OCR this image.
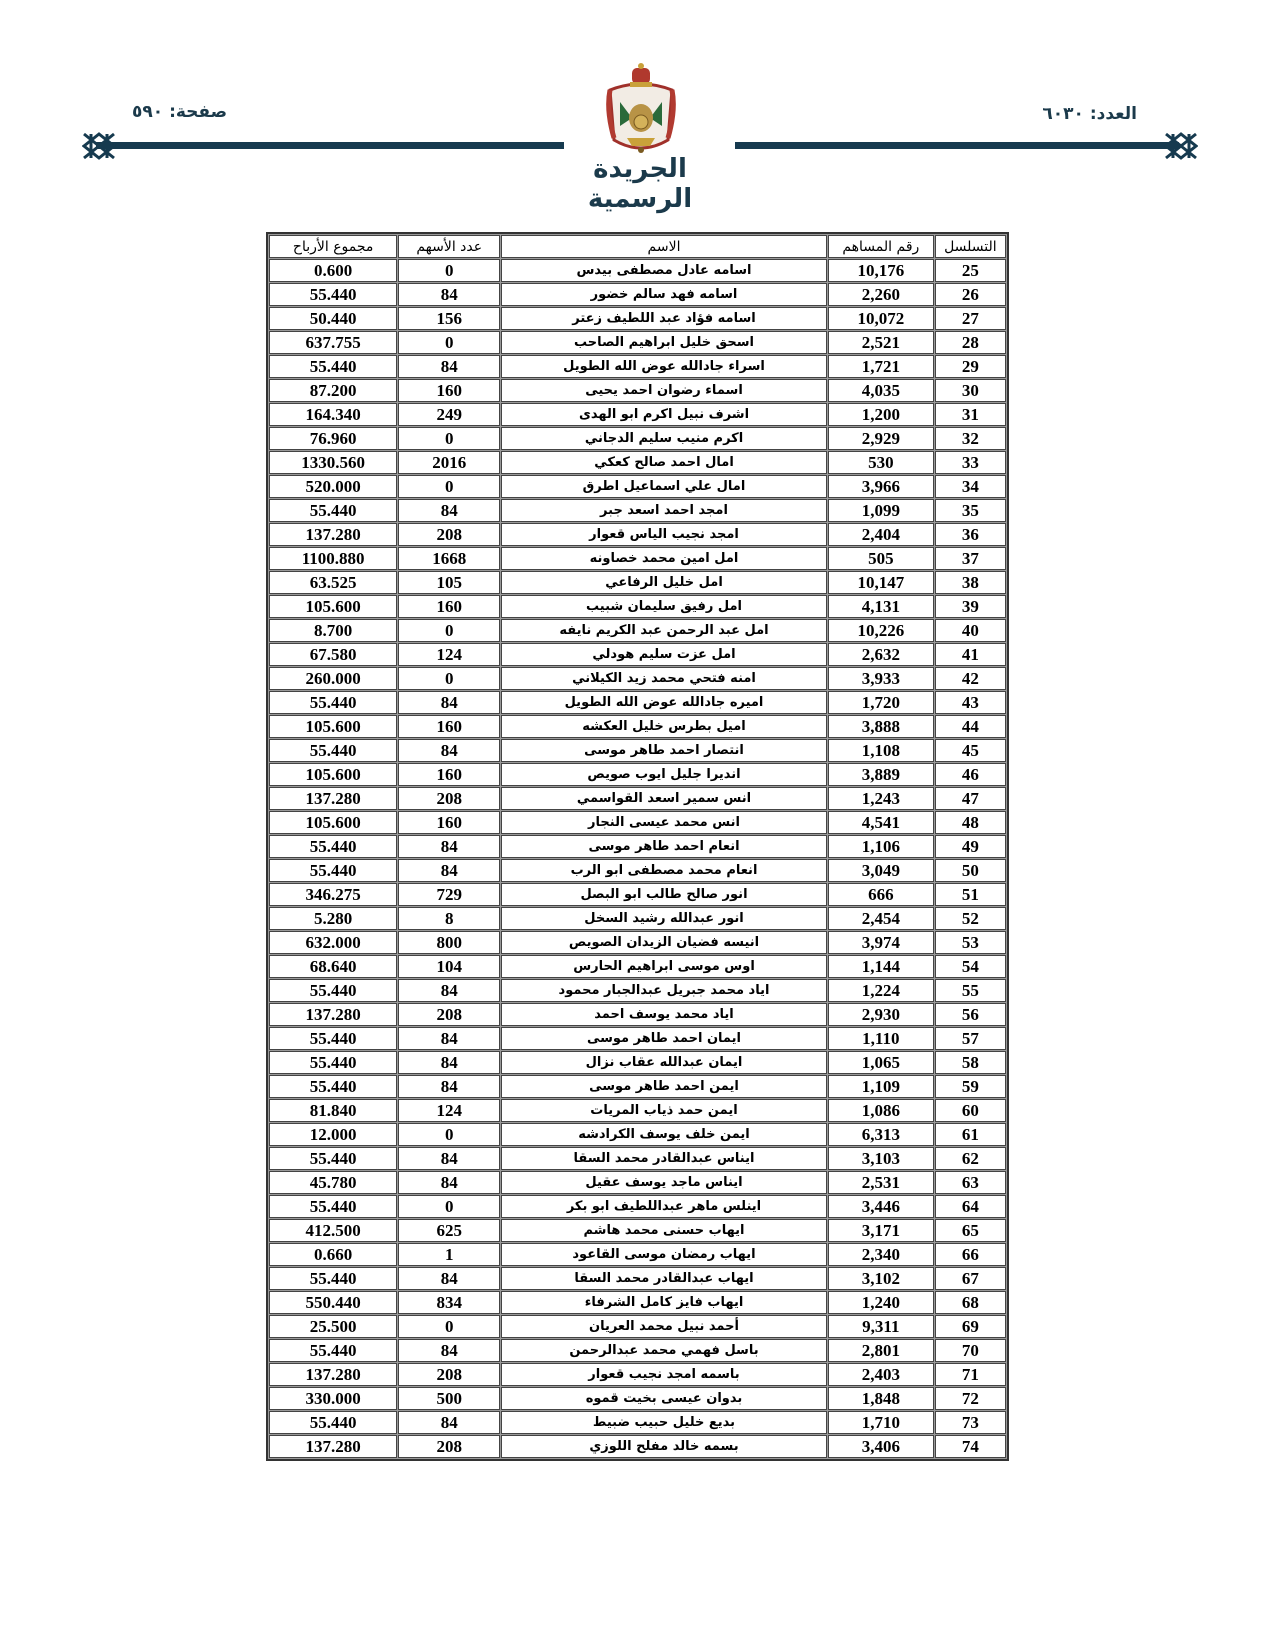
العدد: ٦٠٣٠
صفحة: ٥٩٠
الجريدة الرسمية
التسلسل	رقم المساهم	الاسم	عدد الأسهم	مجموع الأرباح
25	10,176	اسامه عادل مصطفى بيدس	0	0.600
26	2,260	اسامه فهد سالم خضور	84	55.440
27	10,072	اسامه فؤاد عبد اللطيف زعتر	156	50.440
28	2,521	اسحق خليل ابراهيم الصاحب	0	637.755
29	1,721	اسراء جادالله عوض الله الطويل	84	55.440
30	4,035	اسماء رضوان احمد يحيى	160	87.200
31	1,200	اشرف نبيل اكرم ابو الهدى	249	164.340
32	2,929	اكرم منيب سليم الدجاني	0	76.960
33	530	امال احمد صالح كعكي	2016	1330.560
34	3,966	امال علي اسماعيل اطرق	0	520.000
35	1,099	امجد احمد اسعد جبر	84	55.440
36	2,404	امجد نجيب الياس قعوار	208	137.280
37	505	امل امين محمد خصاونه	1668	1100.880
38	10,147	امل خليل الرفاعي	105	63.525
39	4,131	امل رفيق سليمان شبيب	160	105.600
40	10,226	امل عبد الرحمن عبد الكريم نايفه	0	8.700
41	2,632	امل عزت سليم هودلي	124	67.580
42	3,933	امنه فتحي محمد زيد الكيلاني	0	260.000
43	1,720	اميره جادالله عوض الله الطويل	84	55.440
44	3,888	اميل بطرس خليل العكشه	160	105.600
45	1,108	انتصار احمد طاهر موسى	84	55.440
46	3,889	انديرا جليل ايوب صويص	160	105.600
47	1,243	انس سمير اسعد القواسمي	208	137.280
48	4,541	انس محمد عيسى النجار	160	105.600
49	1,106	انعام احمد طاهر موسى	84	55.440
50	3,049	انعام محمد مصطفى ابو الرب	84	55.440
51	666	انور صالح طالب ابو البصل	729	346.275
52	2,454	انور عبدالله رشيد السخل	8	5.280
53	3,974	انيسه فضيان الزيدان الصويص	800	632.000
54	1,144	اوس موسى ابراهيم الحارس	104	68.640
55	1,224	اياد محمد جبريل عبدالجبار محمود	84	55.440
56	2,930	اياد محمد يوسف احمد	208	137.280
57	1,110	ايمان احمد طاهر موسى	84	55.440
58	1,065	ايمان عبدالله عقاب نزال	84	55.440
59	1,109	ايمن احمد طاهر موسى	84	55.440
60	1,086	ايمن حمد ذياب المريات	124	81.840
61	6,313	ايمن خلف يوسف الكرادشه	0	12.000
62	3,103	ايناس عبدالقادر محمد السقا	84	55.440
63	2,531	ايناس ماجد يوسف عقيل	84	45.780
64	3,446	اينلس ماهر عبداللطيف ابو بكر	0	55.440
65	3,171	ايهاب حسنى محمد هاشم	625	412.500
66	2,340	ايهاب رمضان موسى القاعود	1	0.660
67	3,102	ايهاب عبدالقادر محمد السقا	84	55.440
68	1,240	ايهاب فايز كامل الشرفاء	834	550.440
69	9,311	أحمد نبيل محمد العريان	0	25.500
70	2,801	باسل فهمي محمد عبدالرحمن	84	55.440
71	2,403	باسمه امجد نجيب قعوار	208	137.280
72	1,848	بدوان عيسى بخيت قموه	500	330.000
73	1,710	بديع خليل حبيب ضبيط	84	55.440
74	3,406	بسمه خالد مفلح اللوزي	208	137.280
